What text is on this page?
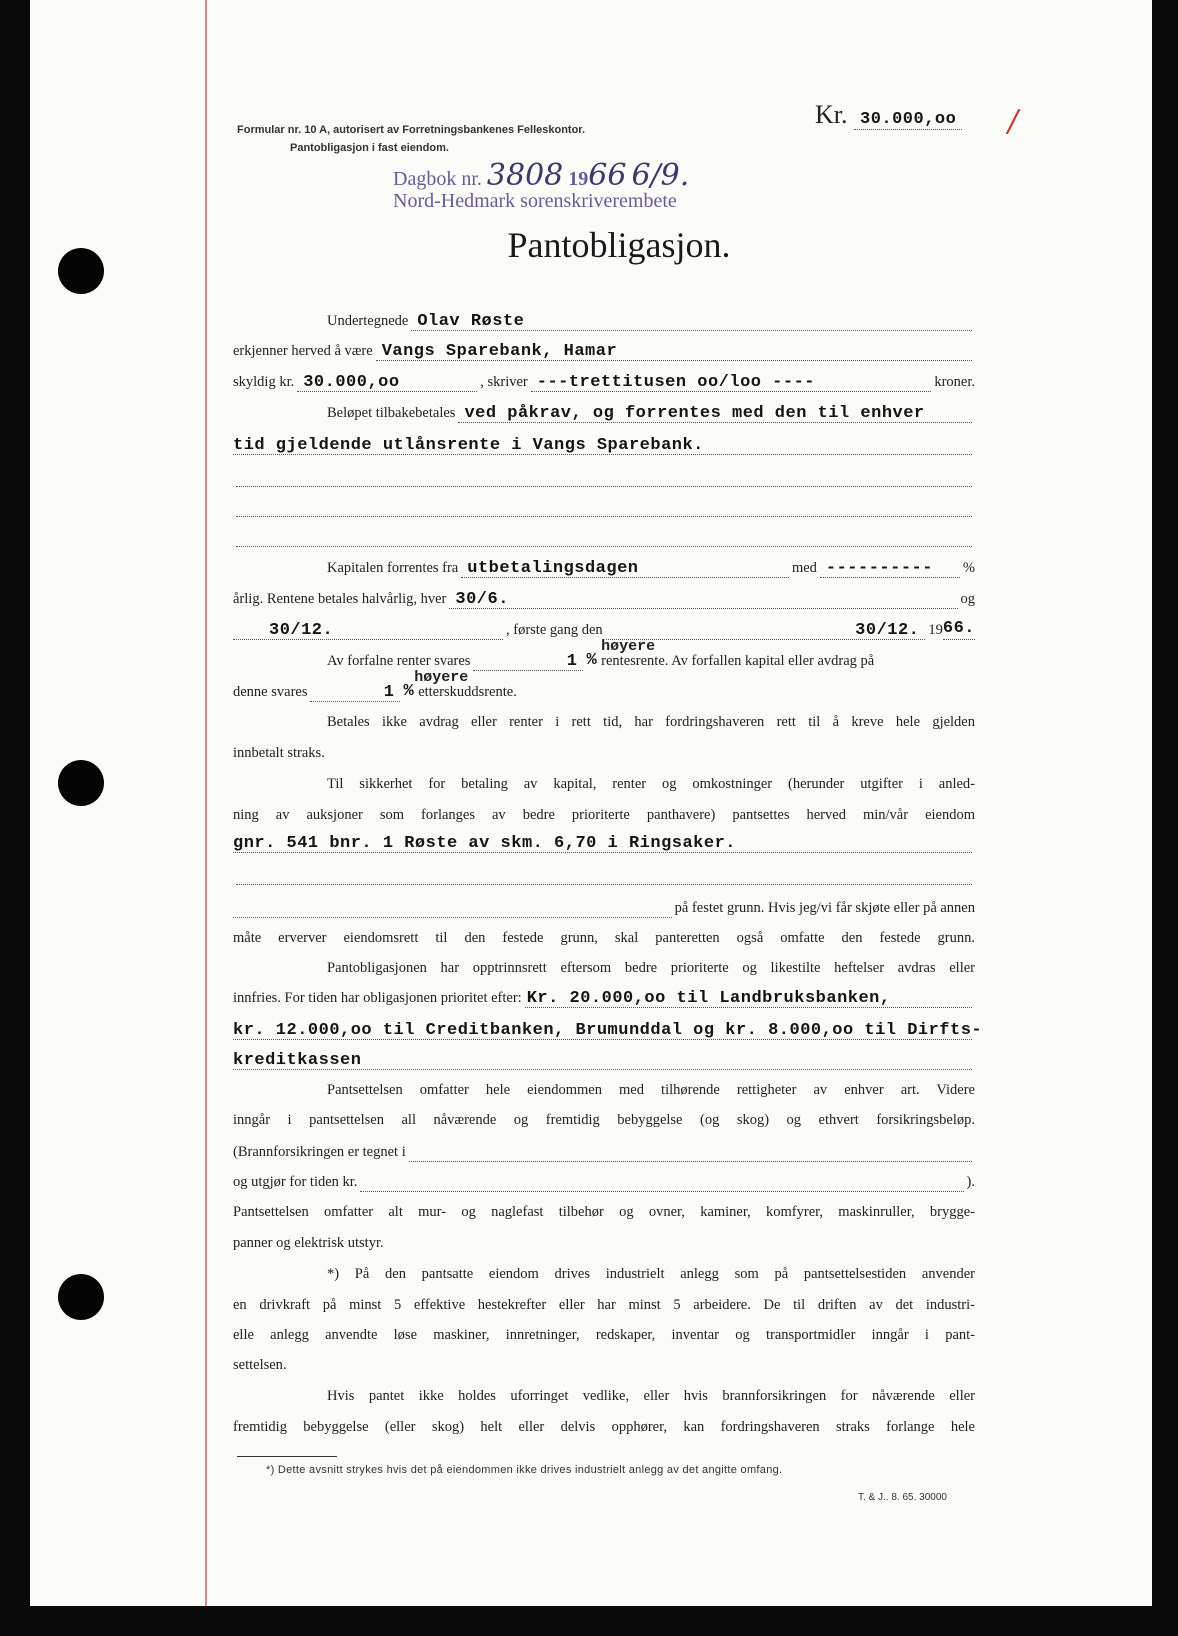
Formular nr. 10 A, autorisert av Forretningsbankenes Felleskontor.
Pantobligasjon i fast eiendom.
Kr. 30.000,oo /
Dagbok nr. 3808 1966 6/9.
Nord-Hedmark sorenskriverembete
Pantobligasjon.
Undertegnede Olav Røste
erkjenner herved å være Vangs Sparebank, Hamar
skyldig kr. 30.000,oo	, skriver ---trettitusen oo/loo ----	kroner.
Beløpet tilbakebetales ved påkrav, og forrentes med den til enhver
tid gjeldende utlånsrente i Vangs Sparebank.
Kapitalen forrentes fra utbetalingsdagen	med ---------- %
årlig. Rentene betales halvårlig, hver 30/6.	og
30/12.	, første gang den	30/12. 19 66.
Av forfalne renter svares	1 %
høyere
rentesrente. Av forfallen kapital eller avdrag på
denne svares	1 %
høyere
etterskuddsrente.
Betales ikke avdrag eller renter i rett tid, har fordringshaveren rett til å kreve hele gjelden
innbetalt straks.
Til sikkerhet for betaling av kapital, renter og omkostninger (herunder utgifter i anled-
ning av auksjoner som forlanges av bedre prioriterte panthavere) pantsettes herved min/vår eiendom
gnr. 541 bnr. 1 Røste av skm. 6,70 i Ringsaker.
på festet grunn. Hvis jeg/vi får skjøte eller på annen
måte erverver eiendomsrett til den festede grunn, skal panteretten også omfatte den festede grunn.
Pantobligasjonen har opptrinnsrett eftersom bedre prioriterte og likestilte heftelser avdras eller
innfries. For tiden har obligasjonen prioritet efter: Kr. 20.000,oo til Landbruksbanken,
kr. 12.000,oo til Creditbanken, Brumunddal og kr. 8.000,oo til Dirfts-
kreditkassen
Pantsettelsen omfatter hele eiendommen med tilhørende rettigheter av enhver art. Videre
inngår i pantsettelsen all nåværende og fremtidig bebyggelse (og skog) og ethvert forsikringsbeløp.
(Brannforsikringen er tegnet i
og utgjør for tiden kr.	).
Pantsettelsen omfatter alt mur- og naglefast tilbehør og ovner, kaminer, komfyrer, maskinruller, brygge-
panner og elektrisk utstyr.
*) På den pantsatte eiendom drives industrielt anlegg som på pantsettelsestiden anvender
en drivkraft på minst 5 effektive hestekrefter eller har minst 5 arbeidere. De til driften av det industri-
elle anlegg anvendte løse maskiner, innretninger, redskaper, inventar og transportmidler inngår i pant-
settelsen.
Hvis pantet ikke holdes uforringet vedlike, eller hvis brannforsikringen for nåværende eller
fremtidig bebyggelse (eller skog) helt eller delvis opphører, kan fordringshaveren straks forlange hele
*) Dette avsnitt strykes hvis det på eiendommen ikke drives industrielt anlegg av det angitte omfang.
T. & J.. 8. 65. 30000
